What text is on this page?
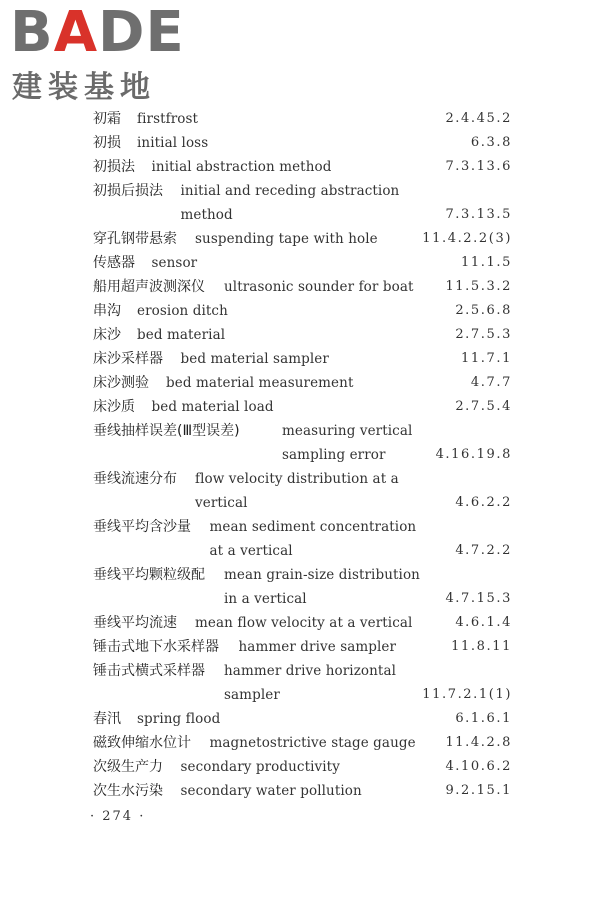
BADE
建装基地
初霜 firstfrost	2.4.45.2
初损 initial loss	6.3.8
初损法 initial abstraction method	7.3.13.6
初损后损法 initial and receding abstraction
method	7.3.13.5
穿孔钢带悬索 suspending tape with hole	11.4.2.2(3)
传感器 sensor	11.1.5
船用超声波测深仪 ultrasonic sounder for boat 11.5.3.2
串沟 erosion ditch	2.5.6.8
床沙 bed material	2.7.5.3
床沙采样器 bed material sampler	11.7.1
床沙测验 bed material measurement	4.7.7
床沙质 bed material load	2.7.5.4
垂线抽样误差(Ⅲ型误差)	measuring vertical
sampling error	4.16.19.8
垂线流速分布 flow velocity distribution at a
vertical	4.6.2.2
垂线平均含沙量 mean sediment concentration
at a vertical	4.7.2.2
垂线平均颗粒级配 mean grain-size distribution
in a vertical	4.7.15.3
垂线平均流速 mean flow velocity at a vertical	4.6.1.4
锤击式地下水采样器 hammer drive sampler	11.8.11
锤击式横式采样器 hammer drive horizontal
sampler	11.7.2.1(1)
春汛 spring flood	6.1.6.1
磁致伸缩水位计 magnetostrictive stage gauge 11.4.2.8
次级生产力 secondary productivity	4.10.6.2
次生水污染 secondary water pollution	9.2.15.1
· 274 ·
